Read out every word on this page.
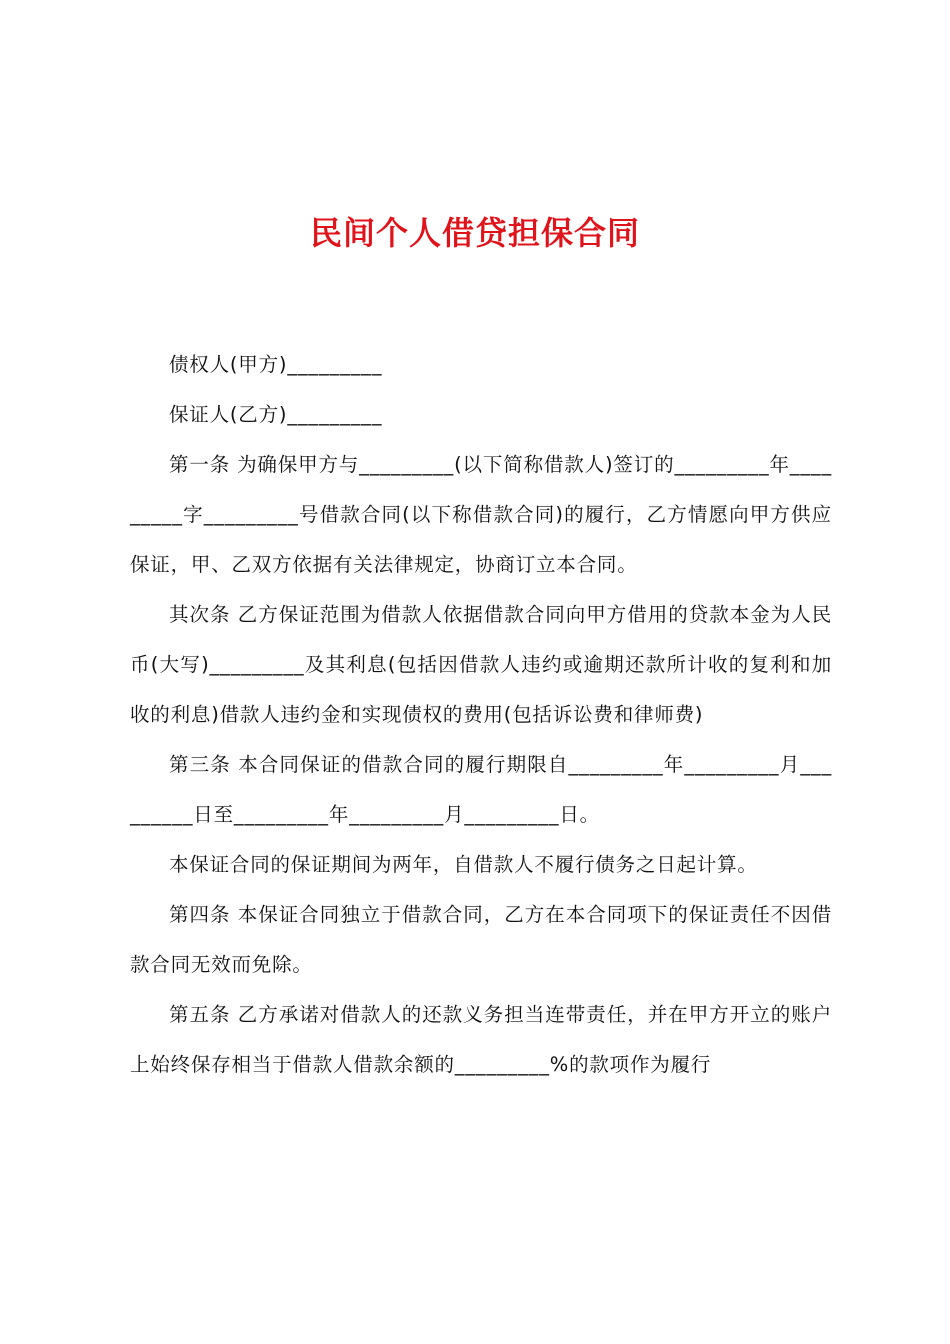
民间个人借贷担保合同

债权人(甲方)_________

保证人(乙方)_________

第一条 为确保甲方与_________(以下简称借款人)签订的_________年_________字_________号借款合同(以下称借款合同)的履行，乙方情愿向甲方供应保证，甲、乙双方依据有关法律规定，协商订立本合同。

其次条 乙方保证范围为借款人依据借款合同向甲方借用的贷款本金为人民币(大写)_________及其利息(包括因借款人违约或逾期还款所计收的复利和加收的利息)借款人违约金和实现债权的费用(包括诉讼费和律师费)

第三条 本合同保证的借款合同的履行期限自_________年_________月_________日至_________年_________月_________日。

本保证合同的保证期间为两年，自借款人不履行债务之日起计算。

第四条 本保证合同独立于借款合同，乙方在本合同项下的保证责任不因借款合同无效而免除。

第五条 乙方承诺对借款人的还款义务担当连带责任，并在甲方开立的账户上始终保存相当于借款人借款余额的_________%的款项作为履行
